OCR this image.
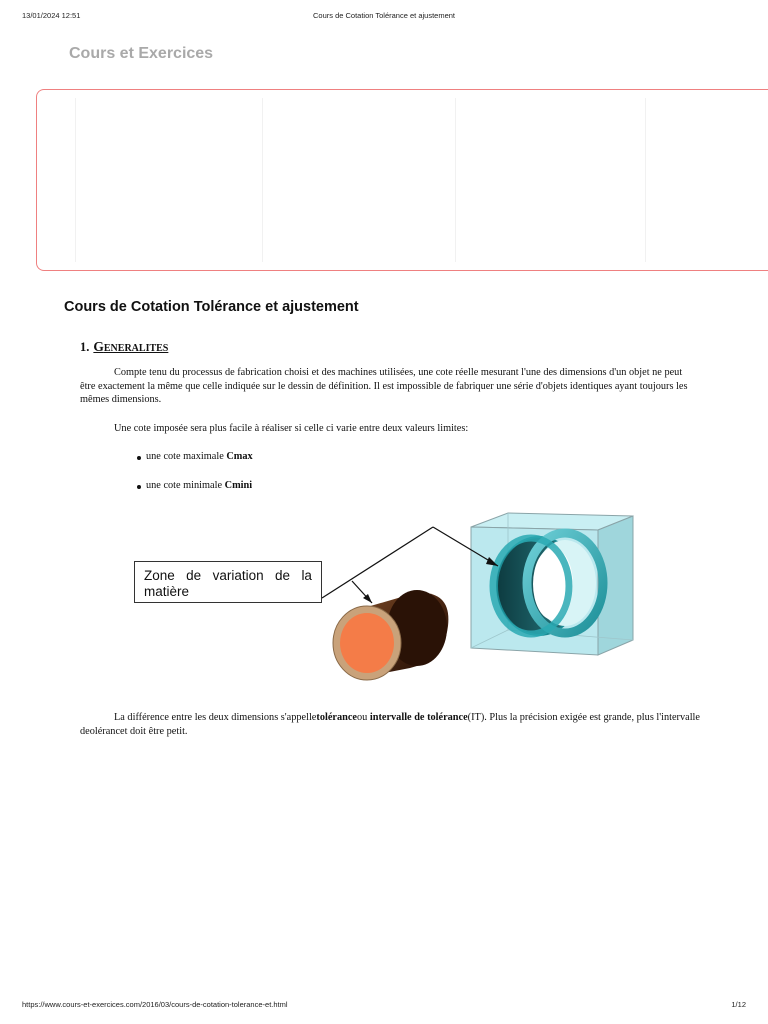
13/01/2024 12:51	Cours de Cotation Tolérance et ajustement
Cours et Exercices
Cours de Cotation Tolérance et ajustement
1. GENERALITES

Compte tenu du processus de fabrication choisi et des machines utilisées, une cote réelle mesurant l'une des dimensions d'un objet ne peut être exactement la même que celle indiquée sur le dessin de définition. Il est impossible de fabriquer une série d'objets identiques ayant toujours les mêmes dimensions.

Une cote imposée sera plus facile à réaliser si celle ci varie entre deux valeurs limites:

une cote maximale Cmax
une cote minimale Cmini
Zone de variation de la
matière

La différence entre les deux dimensions s'appelletoléranceou intervalle de tolérance(IT). Plus la précision exigée est grande, plus l'intervalle deolérancet doit être petit.

https://www.cours-et-exercices.com/2016/03/cours-de-cotation-tolerance-et.html	1/12
